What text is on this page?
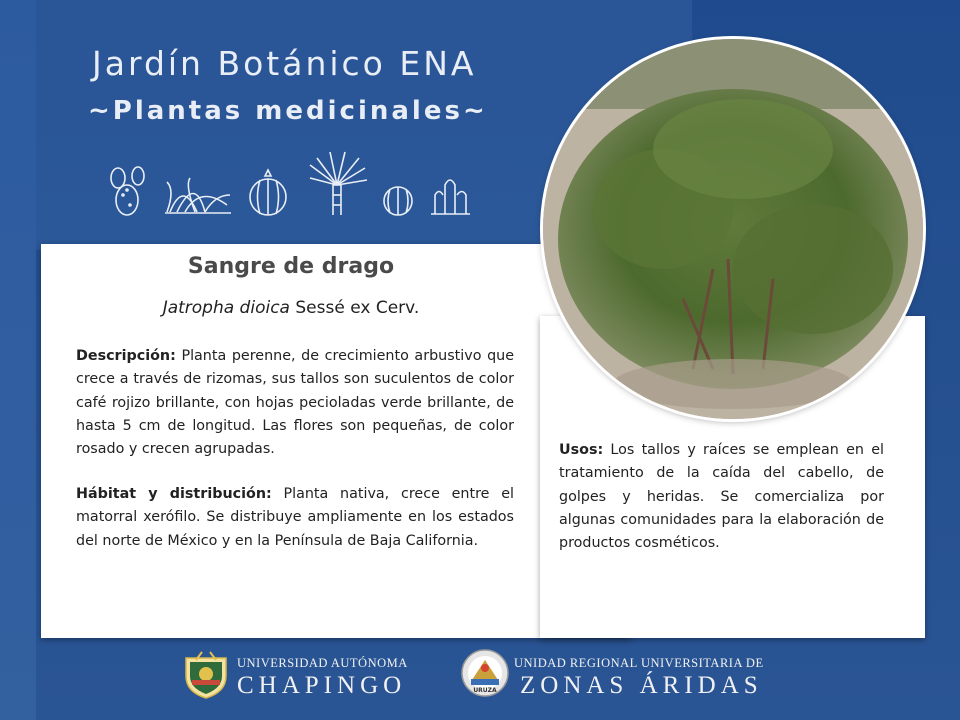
Jardín Botánico ENA
~Plantas medicinales~
Sangre de drago
Jatropha dioica Sessé ex Cerv.
Descripción: Planta perenne, de crecimiento arbustivo que crece a través de rizomas, sus tallos son suculentos de color café rojizo brillante, con hojas pecioladas verde brillante, de hasta 5 cm de longitud. Las flores son pequeñas, de color rosado y crecen agrupadas.
Hábitat y distribución: Planta nativa, crece entre el matorral xerófilo. Se distribuye ampliamente en los estados del norte de México y en la Península de Baja California.
Usos: Los tallos y raíces se emplean en el tratamiento de la caída del cabello, de golpes y heridas. Se comercializa por algunas comunidades para la elaboración de productos cosméticos.
UNIVERSIDAD AUTÓNOMA
CHAPINGO	URUZA
UNIDAD REGIONAL UNIVERSITARIA DE
ZONAS ÁRIDAS
